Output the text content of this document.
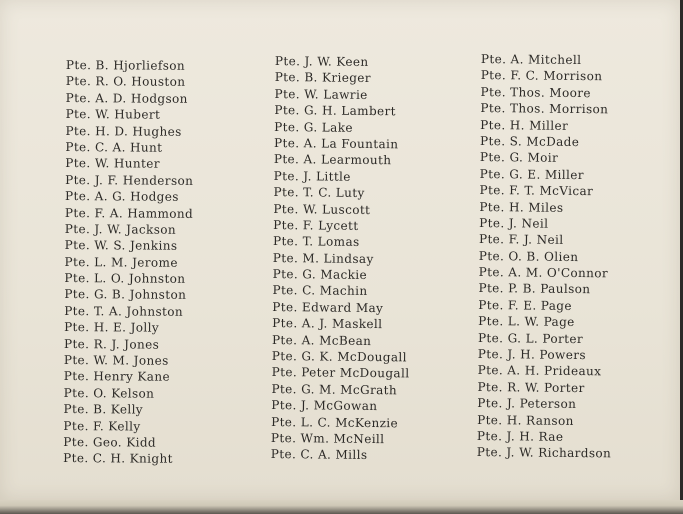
Pte. B. Hjorliefson
Pte. R. O. Houston
Pte. A. D. Hodgson
Pte. W. Hubert
Pte. H. D. Hughes
Pte. C. A. Hunt
Pte. W. Hunter
Pte. J. F. Henderson
Pte. A. G. Hodges
Pte. F. A. Hammond
Pte. J. W. Jackson
Pte. W. S. Jenkins
Pte. L. M. Jerome
Pte. L. O. Johnston
Pte. G. B. Johnston
Pte. T. A. Johnston
Pte. H. E. Jolly
Pte. R. J. Jones
Pte. W. M. Jones
Pte. Henry Kane
Pte. O. Kelson
Pte. B. Kelly
Pte. F. Kelly
Pte. Geo. Kidd
Pte. C. H. Knight
Pte. J. W. Keen
Pte. B. Krieger
Pte. W. Lawrie
Pte. G. H. Lambert
Pte. G. Lake
Pte. A. La Fountain
Pte. A. Learmouth
Pte. J. Little
Pte. T. C. Luty
Pte. W. Luscott
Pte. F. Lycett
Pte. T. Lomas
Pte. M. Lindsay
Pte. G. Mackie
Pte. C. Machin
Pte. Edward May
Pte. A. J. Maskell
Pte. A. McBean
Pte. G. K. McDougall
Pte. Peter McDougall
Pte. G. M. McGrath
Pte. J. McGowan
Pte. L. C. McKenzie
Pte. Wm. McNeill
Pte. C. A. Mills
Pte. A. Mitchell
Pte. F. C. Morrison
Pte. Thos. Moore
Pte. Thos. Morrison
Pte. H. Miller
Pte. S. McDade
Pte. G. Moir
Pte. G. E. Miller
Pte. F. T. McVicar
Pte. H. Miles
Pte. J. Neil
Pte. F. J. Neil
Pte. O. B. Olien
Pte. A. M. O'Connor
Pte. P. B. Paulson
Pte. F. E. Page
Pte. L. W. Page
Pte. G. L. Porter
Pte. J. H. Powers
Pte. A. H. Prideaux
Pte. R. W. Porter
Pte. J. Peterson
Pte. H. Ranson
Pte. J. H. Rae
Pte. J. W. Richardson
